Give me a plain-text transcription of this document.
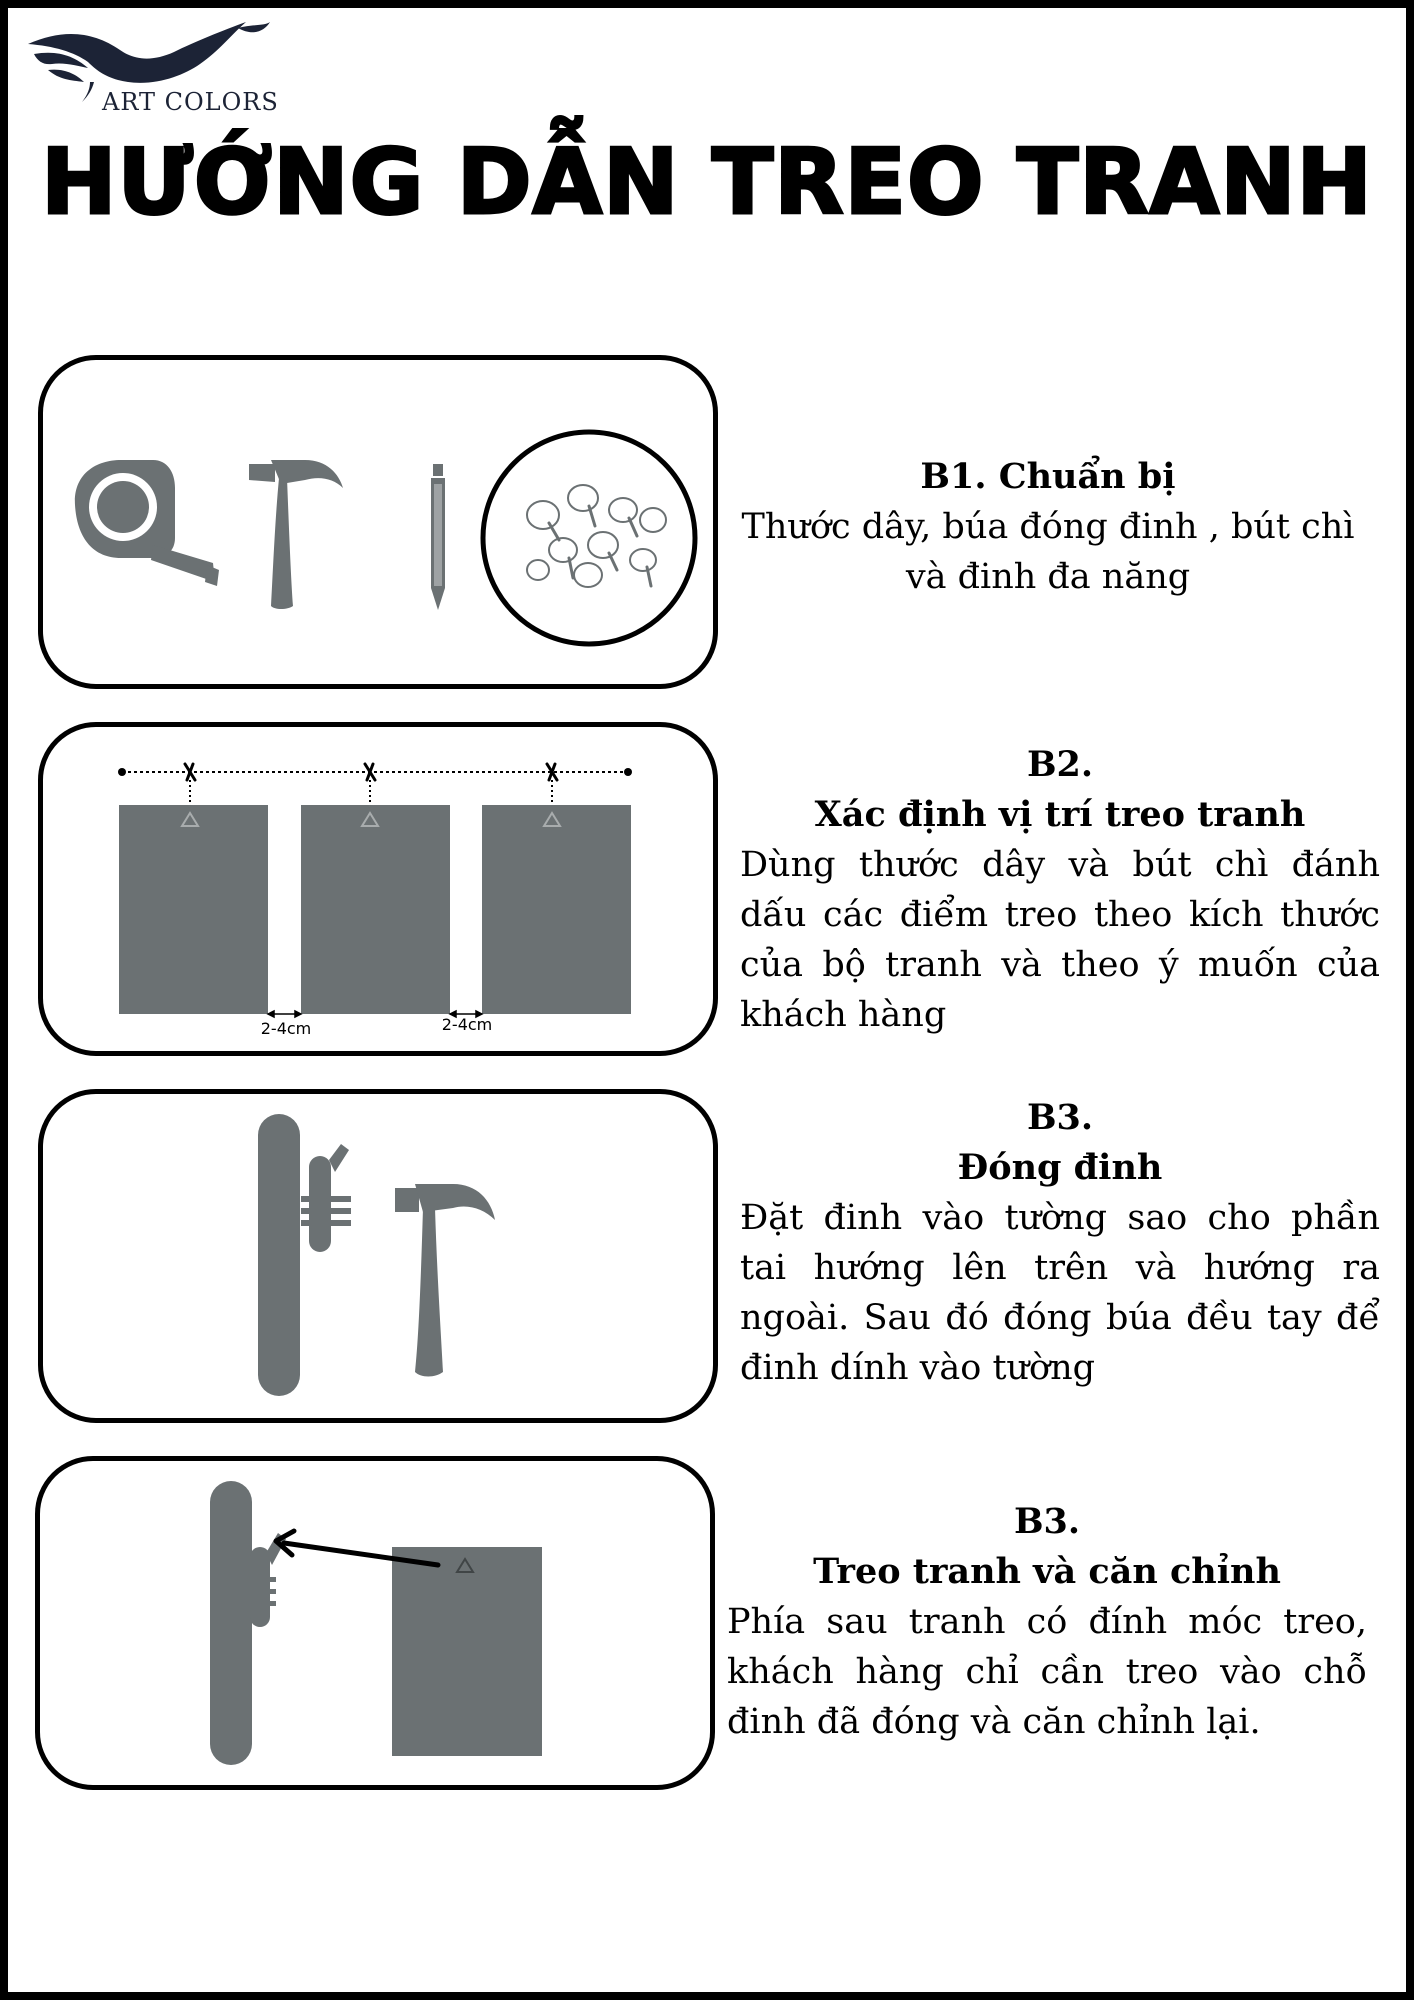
ART COLORS
HƯỚNG DẪN TREO TRANH
B1. Chuẩn bị
Thước dây, búa đóng đinh , bút chì và đinh đa năng
2-4cm	2-4cm
B2.
Xác định vị trí treo tranh
Dùng thước dây và bút chì đánh dấu các điểm treo theo kích thước của bộ tranh và theo ý muốn của khách hàng
B3.
Đóng đinh
Đặt đinh vào tường sao cho phần tai hướng lên trên và hướng ra ngoài. Sau đó đóng búa đều tay để đinh dính vào tường
B3.
Treo tranh và căn chỉnh
Phía sau tranh có đính móc treo, khách hàng chỉ cần treo vào chỗ đinh đã đóng và căn chỉnh lại.
